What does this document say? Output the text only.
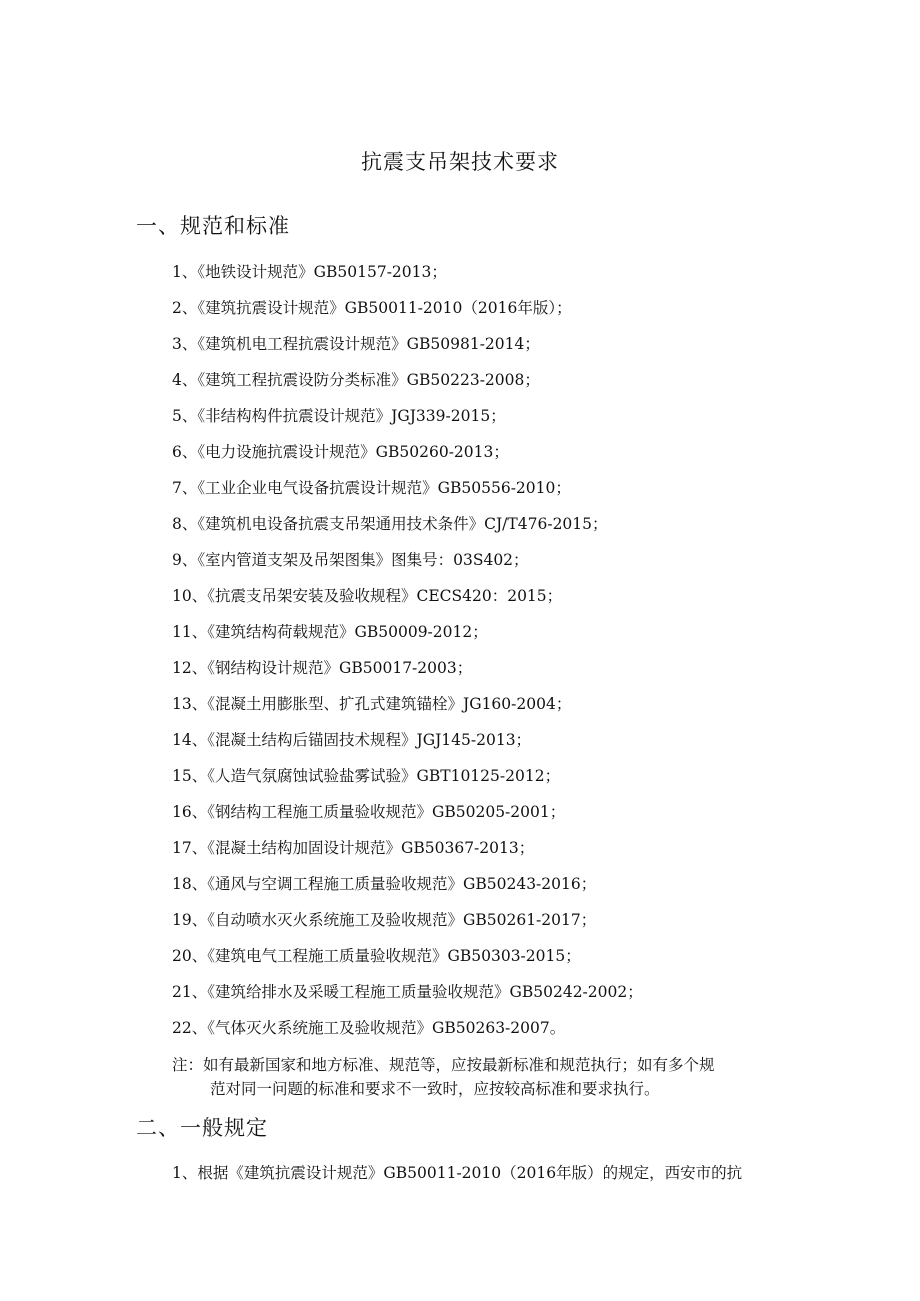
抗震支吊架技术要求
一、规范和标准
1、《地铁设计规范》GB50157-2013；
2、《建筑抗震设计规范》GB50011-2010（2016年版）；
3、《建筑机电工程抗震设计规范》GB50981-2014；
4、《建筑工程抗震设防分类标准》GB50223-2008；
5、《非结构构件抗震设计规范》JGJ339-2015；
6、《电力设施抗震设计规范》GB50260-2013；
7、《工业企业电气设备抗震设计规范》GB50556-2010；
8、《建筑机电设备抗震支吊架通用技术条件》CJ/T476-2015；
9、《室内管道支架及吊架图集》图集号：03S402；
10、《抗震支吊架安装及验收规程》CECS420：2015；
11、《建筑结构荷载规范》GB50009-2012；
12、《钢结构设计规范》GB50017-2003；
13、《混凝土用膨胀型、扩孔式建筑锚栓》JG160-2004；
14、《混凝土结构后锚固技术规程》JGJ145-2013；
15、《人造气氛腐蚀试验盐雾试验》GBT10125-2012；
16、《钢结构工程施工质量验收规范》GB50205-2001；
17、《混凝土结构加固设计规范》GB50367-2013；
18、《通风与空调工程施工质量验收规范》GB50243-2016；
19、《自动喷水灭火系统施工及验收规范》GB50261-2017；
20、《建筑电气工程施工质量验收规范》GB50303-2015；
21、《建筑给排水及采暖工程施工质量验收规范》GB50242-2002；
22、《气体灭火系统施工及验收规范》GB50263-2007。
注：如有最新国家和地方标准、规范等，应按最新标准和规范执行；如有多个规
范对同一问题的标准和要求不一致时，应按较高标准和要求执行。
二、一般规定
1、根据《建筑抗震设计规范》GB50011-2010（2016年版）的规定，西安市的抗
